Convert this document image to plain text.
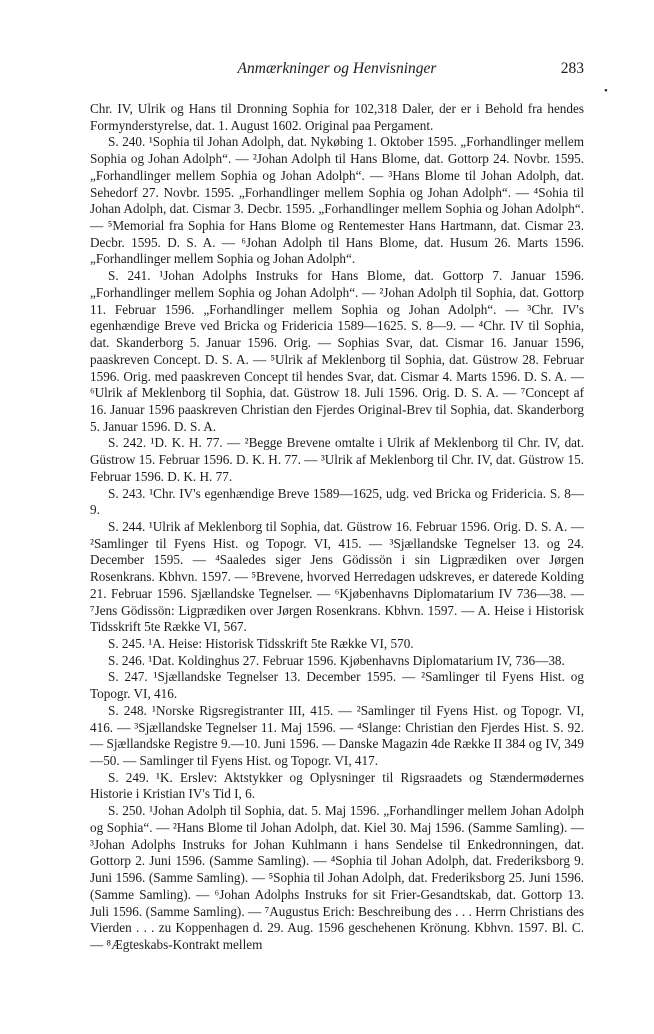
Anmærkninger og Henvisninger	283
•

Chr. IV, Ulrik og Hans til Dronning Sophia for 102,318 Daler, der er i Behold fra hendes Formynderstyrelse, dat. 1. August 1602. Original paa Pergament.

S. 240. ¹Sophia til Johan Adolph, dat. Nykøbing 1. Oktober 1595. „Forhandlinger mellem Sophia og Johan Adolph“. — ²Johan Adolph til Hans Blome, dat. Gottorp 24. Novbr. 1595. „Forhandlinger mellem Sophia og Johan Adolph“. — ³Hans Blome til Johan Adolph, dat. Sehedorf 27. Novbr. 1595. „Forhandlinger mellem Sophia og Johan Adolph“. — ⁴Sohia til Johan Adolph, dat. Cismar 3. Decbr. 1595. „Forhandlinger mellem Sophia og Johan Adolph“. — ⁵Memorial fra Sophia for Hans Blome og Rentemester Hans Hartmann, dat. Cismar 23. Decbr. 1595. D. S. A. — ⁶Johan Adolph til Hans Blome, dat. Husum 26. Marts 1596. „Forhandlinger mellem Sophia og Johan Adolph“.

S. 241. ¹Johan Adolphs Instruks for Hans Blome, dat. Gottorp 7. Januar 1596. „Forhandlinger mellem Sophia og Johan Adolph“. — ²Johan Adolph til Sophia, dat. Gottorp 11. Februar 1596. „Forhandlinger mellem Sophia og Johan Adolph“. — ³Chr. IV's egenhændige Breve ved Bricka og Fridericia 1589—1625. S. 8—9. — ⁴Chr. IV til Sophia, dat. Skanderborg 5. Januar 1596. Orig. — Sophias Svar, dat. Cismar 16. Januar 1596, paaskreven Concept. D. S. A. — ⁵Ulrik af Meklenborg til Sophia, dat. Güstrow 28. Februar 1596. Orig. med paaskreven Concept til hendes Svar, dat. Cismar 4. Marts 1596. D. S. A. — ⁶Ulrik af Meklenborg til Sophia, dat. Güstrow 18. Juli 1596. Orig. D. S. A. — ⁷Concept af 16. Januar 1596 paaskreven Christian den Fjerdes Original-Brev til Sophia, dat. Skanderborg 5. Januar 1596. D. S. A.

S. 242. ¹D. K. H. 77. — ²Begge Brevene omtalte i Ulrik af Meklenborg til Chr. IV, dat. Güstrow 15. Februar 1596. D. K. H. 77. — ³Ulrik af Meklenborg til Chr. IV, dat. Güstrow 15. Februar 1596. D. K. H. 77.

S. 243. ¹Chr. IV's egenhændige Breve 1589—1625, udg. ved Bricka og Fridericia. S. 8—9.

S. 244. ¹Ulrik af Meklenborg til Sophia, dat. Güstrow 16. Februar 1596. Orig. D. S. A. — ²Samlinger til Fyens Hist. og Topogr. VI, 415. — ³Sjællandske Tegnelser 13. og 24. December 1595. — ⁴Saaledes siger Jens Gödissön i sin Ligprædiken over Jørgen Rosenkrans. Kbhvn. 1597. — ⁵Brevene, hvorved Herredagen udskreves, er daterede Kolding 21. Februar 1596. Sjællandske Tegnelser. — ⁶Kjøbenhavns Diplomatarium IV 736—38. — ⁷Jens Gödissön: Ligprædiken over Jørgen Rosenkrans. Kbhvn. 1597. — A. Heise i Historisk Tidsskrift 5te Række VI, 567.

S. 245. ¹A. Heise: Historisk Tidsskrift 5te Række VI, 570.

S. 246. ¹Dat. Koldinghus 27. Februar 1596. Kjøbenhavns Diplomatarium IV, 736—38.

S. 247. ¹Sjællandske Tegnelser 13. December 1595. — ²Samlinger til Fyens Hist. og Topogr. VI, 416.

S. 248. ¹Norske Rigsregistranter III, 415. — ²Samlinger til Fyens Hist. og Topogr. VI, 416. — ³Sjællandske Tegnelser 11. Maj 1596. — ⁴Slange: Christian den Fjerdes Hist. S. 92. — Sjællandske Registre 9.—10. Juni 1596. — Danske Magazin 4de Række II 384 og IV, 349—50. — Samlinger til Fyens Hist. og Topogr. VI, 417.

S. 249. ¹K. Erslev: Aktstykker og Oplysninger til Rigsraadets og Stændermødernes Historie i Kristian IV's Tid I, 6.

S. 250. ¹Johan Adolph til Sophia, dat. 5. Maj 1596. „Forhandlinger mellem Johan Adolph og Sophia“. — ²Hans Blome til Johan Adolph, dat. Kiel 30. Maj 1596. (Samme Samling). — ³Johan Adolphs Instruks for Johan Kuhlmann i hans Sendelse til Enkedronningen, dat. Gottorp 2. Juni 1596. (Samme Samling). — ⁴Sophia til Johan Adolph, dat. Frederiksborg 9. Juni 1596. (Samme Samling). — ⁵Sophia til Johan Adolph, dat. Frederiksborg 25. Juni 1596. (Samme Samling). — ⁶Johan Adolphs Instruks for sit Frier-Gesandtskab, dat. Gottorp 13. Juli 1596. (Samme Samling). — ⁷Augustus Erich: Beschreibung des . . . Herrn Christians des Vierden . . . zu Koppenhagen d. 29. Aug. 1596 geschehenen Krönung. Kbhvn. 1597. Bl. C. — ⁸Ægteskabs-Kontrakt mellem
